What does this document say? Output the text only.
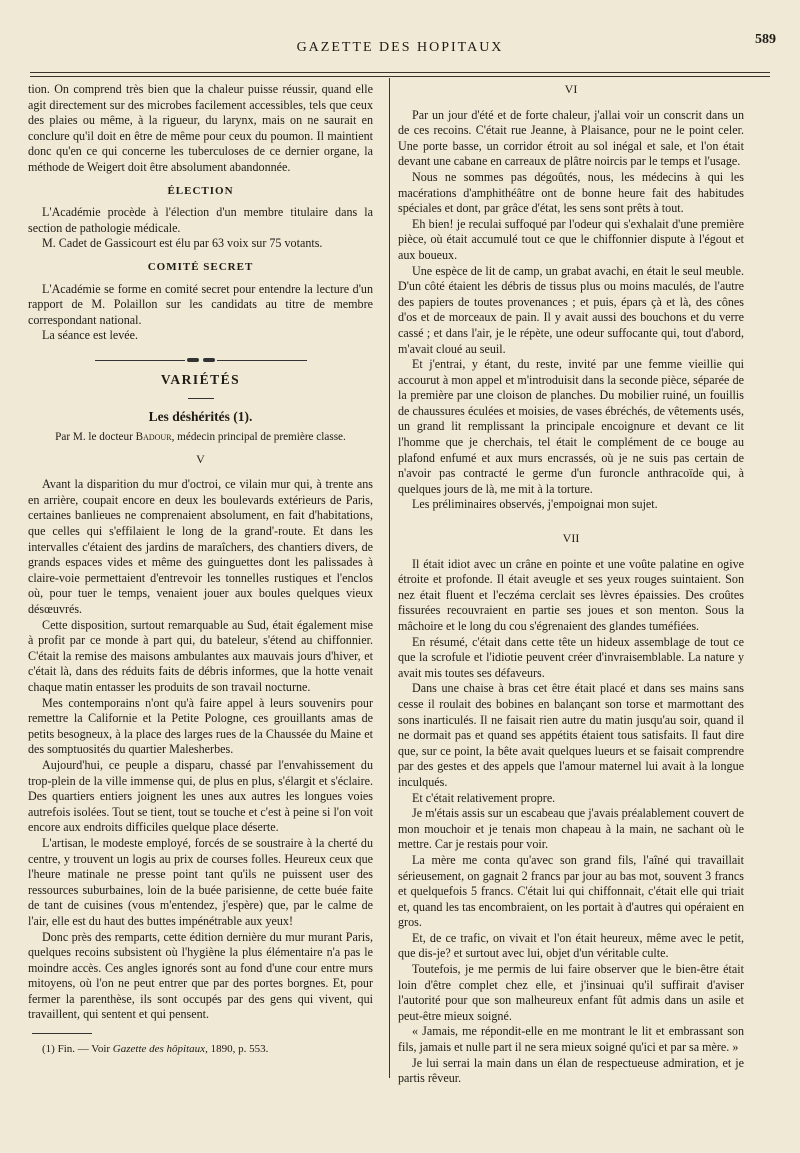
GAZETTE DES HOPITAUX
589

tion. On comprend très bien que la chaleur puisse réussir, quand elle agit directement sur des microbes facilement accessibles, tels que ceux des plaies ou même, à la rigueur, du larynx, mais on ne saurait en conclure qu'il doit en être de même pour ceux du poumon. Il maintient donc qu'en ce qui concerne les tuberculoses de ce dernier organe, la méthode de Weigert doit être absolument abandonnée.

ÉLECTION

L'Académie procède à l'élection d'un membre titulaire dans la section de pathologie médicale.

M. Cadet de Gassicourt est élu par 63 voix sur 75 votants.

COMITÉ SECRET

L'Académie se forme en comité secret pour entendre la lecture d'un rapport de M. Polaillon sur les candidats au titre de membre correspondant national.

La séance est levée.

VARIÉTÉS
Les déshérités (1).
Par M. le docteur Badour, médecin principal de première classe.
V

Avant la disparition du mur d'octroi, ce vilain mur qui, à trente ans en arrière, coupait encore en deux les boulevards extérieurs de Paris, certaines banlieues ne comprenaient absolument, en fait d'habitations, que celles qui s'effilaient le long de la grand'-route. Et dans les intervalles c'étaient des jardins de maraîchers, des chantiers divers, de grands espaces vides et même des guinguettes dont les palissades à claire-voie permettaient d'entrevoir les tonnelles rustiques et l'enclos où, pour tuer le temps, venaient jouer aux boules quelques vieux désœuvrés.

Cette disposition, surtout remarquable au Sud, était également mise à profit par ce monde à part qui, du bateleur, s'étend au chiffonnier. C'était la remise des maisons ambulantes aux mauvais jours d'hiver, et c'était là, dans des réduits faits de débris informes, que la hotte venait chaque matin entasser les produits de son travail nocturne.

Mes contemporains n'ont qu'à faire appel à leurs souvenirs pour remettre la Californie et la Petite Pologne, ces grouillants amas de petits besogneux, à la place des larges rues de la Chaussée du Maine et des somptuosités du quartier Malesherbes.

Aujourd'hui, ce peuple a disparu, chassé par l'envahissement du trop-plein de la ville immense qui, de plus en plus, s'élargit et s'éclaire. Des quartiers entiers joignent les unes aux autres les longues voies autrefois isolées. Tout se tient, tout se touche et c'est à peine si l'on voit encore aux endroits difficiles quelque place déserte.

L'artisan, le modeste employé, forcés de se soustraire à la cherté du centre, y trouvent un logis au prix de courses folles. Heureux ceux que l'heure matinale ne presse point tant qu'ils ne puissent user des ressources suburbaines, loin de la buée parisienne, de cette buée faite de tant de cuisines (vous m'entendez, j'espère) que, par le calme de l'air, elle est du haut des buttes impénétrable aux yeux!

Donc près des remparts, cette édition dernière du mur murant Paris, quelques recoins subsistent où l'hygiène la plus élémentaire n'a pas le moindre accès. Ces angles ignorés sont au fond d'une cour entre murs mitoyens, où l'on ne peut entrer que par des portes borgnes. Et, pour fermer la parenthèse, ils sont occupés par des gens qui vivent, qui travaillent, qui sentent et qui pensent.

(1) Fin. — Voir Gazette des hôpitaux, 1890, p. 553.

VI

Par un jour d'été et de forte chaleur, j'allai voir un conscrit dans un de ces recoins. C'était rue Jeanne, à Plaisance, pour ne le point celer. Une porte basse, un corridor étroit au sol inégal et sale, et l'on était devant une cabane en carreaux de plâtre noircis par le temps et l'usage.

Nous ne sommes pas dégoûtés, nous, les médecins à qui les macérations d'amphithéâtre ont de bonne heure fait des habitudes spéciales et dont, par grâce d'état, les sens sont prêts à tout.

Eh bien! je reculai suffoqué par l'odeur qui s'exhalait d'une première pièce, où était accumulé tout ce que le chiffonnier dispute à l'égout et aux boueux.

Une espèce de lit de camp, un grabat avachi, en était le seul meuble. D'un côté étaient les débris de tissus plus ou moins maculés, de l'autre des papiers de toutes provenances ; et puis, épars çà et là, des cônes d'os et de morceaux de pain. Il y avait aussi des bouchons et du verre cassé ; et dans l'air, je le répète, une odeur suffocante qui, tout d'abord, m'avait cloué au seuil.

Et j'entrai, y étant, du reste, invité par une femme vieillie qui accourut à mon appel et m'introduisit dans la seconde pièce, séparée de la première par une cloison de planches. Du mobilier ruiné, un fouillis de chaussures éculées et moisies, de vases ébréchés, de vêtements usés, un grand lit remplissant la principale encoignure et devant ce lit l'homme que je cherchais, tel était le complément de ce bouge au plafond enfumé et aux murs encrassés, où je ne suis pas certain de n'avoir pas contracté le germe d'un furoncle anthracoïde qui, à quelques jours de là, me mit à la torture.

Les préliminaires observés, j'empoignai mon sujet.

VII

Il était idiot avec un crâne en pointe et une voûte palatine en ogive étroite et profonde. Il était aveugle et ses yeux rouges suintaient. Son nez était fluent et l'eczéma cerclait ses lèvres épaissies. Des croûtes fissurées recouvraient en partie ses joues et son menton. Sous la mâchoire et le long du cou s'égrenaient des glandes tuméfiées.

En résumé, c'était dans cette tête un hideux assemblage de tout ce que la scrofule et l'idiotie peuvent créer d'invraisemblable. La nature y avait mis toutes ses défaveurs.

Dans une chaise à bras cet être était placé et dans ses mains sans cesse il roulait des bobines en balançant son torse et marmottant des sons inarticulés. Il ne faisait rien autre du matin jusqu'au soir, quand il ne dormait pas et quand ses appétits étaient tous satisfaits. Il faut dire que, sur ce point, la bête avait quelques lueurs et se faisait comprendre par des gestes et des appels que l'amour maternel lui avait à la longue inculqués.

Et c'était relativement propre.

Je m'étais assis sur un escabeau que j'avais préalablement couvert de mon mouchoir et je tenais mon chapeau à la main, ne sachant où le mettre. Car je restais pour voir.

La mère me conta qu'avec son grand fils, l'aîné qui travaillait sérieusement, on gagnait 2 francs par jour au bas mot, souvent 3 francs et quelquefois 5 francs. C'était lui qui chiffonnait, c'était elle qui triait et, quand les tas encombraient, on les portait à d'autres qui opéraient en gros.

Et, de ce trafic, on vivait et l'on était heureux, même avec le petit, que dis-je? et surtout avec lui, objet d'un véritable culte.

Toutefois, je me permis de lui faire observer que le bien-être était loin d'être complet chez elle, et j'insinuai qu'il suffirait d'aviser l'autorité pour que son malheureux enfant fût admis dans un asile et peut-être mieux soigné.

« Jamais, me répondit-elle en me montrant le lit et embrassant son fils, jamais et nulle part il ne sera mieux soigné qu'ici et par sa mère. »

Je lui serrai la main dans un élan de respectueuse admiration, et je partis rêveur.
